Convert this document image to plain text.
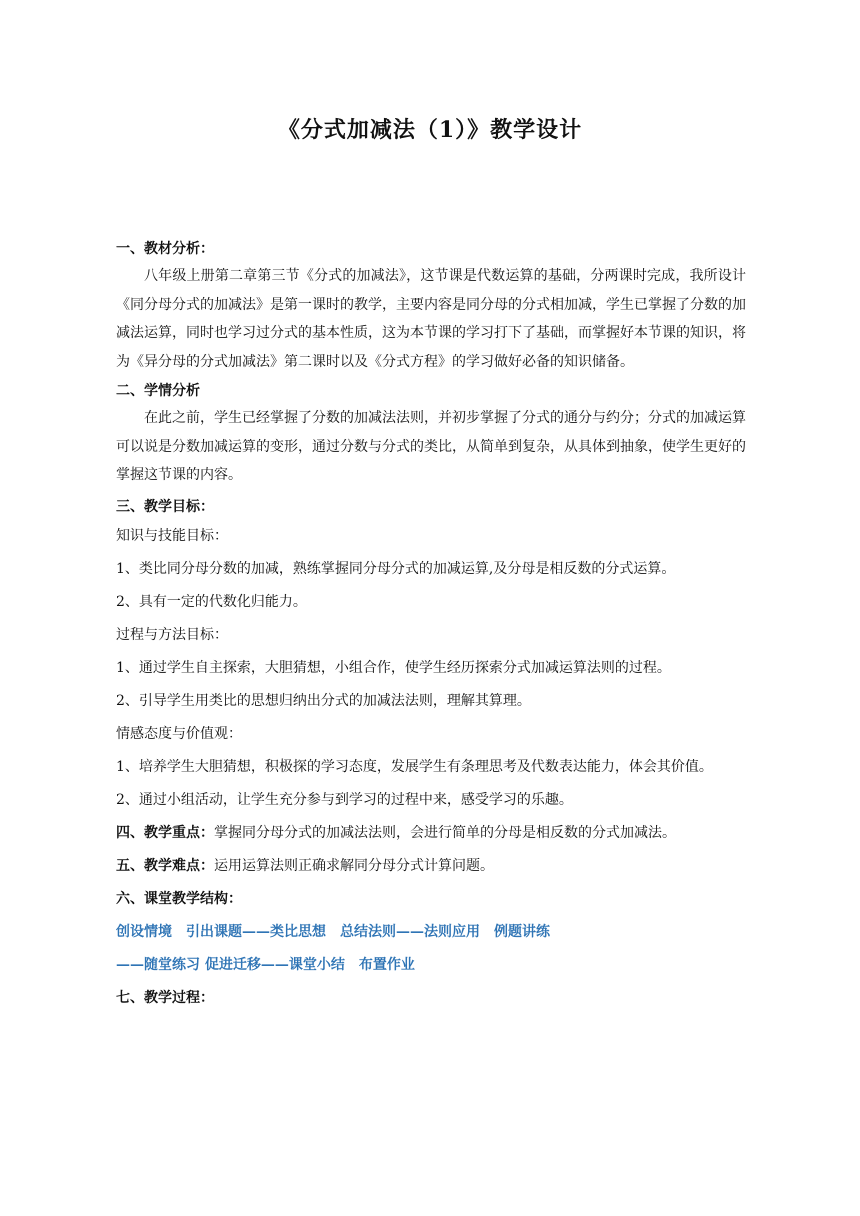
《分式加减法（1）》教学设计
一、教材分析：

八年级上册第二章第三节《分式的加减法》，这节课是代数运算的基础，分两课时完成，我所设计《同分母分式的加减法》是第一课时的教学，主要内容是同分母的分式相加减，学生已掌握了分数的加减法运算，同时也学习过分式的基本性质，这为本节课的学习打下了基础，而掌握好本节课的知识，将为《异分母的分式加减法》第二课时以及《分式方程》的学习做好必备的知识储备。

二、学情分析

在此之前，学生已经掌握了分数的加减法法则，并初步掌握了分式的通分与约分；分式的加减运算可以说是分数加减运算的变形，通过分数与分式的类比，从简单到复杂，从具体到抽象，使学生更好的掌握这节课的内容。

三、教学目标：

知识与技能目标：

1、类比同分母分数的加减，熟练掌握同分母分式的加减运算,及分母是相反数的分式运算。

2、具有一定的代数化归能力。

过程与方法目标：

1、通过学生自主探索，大胆猜想，小组合作，使学生经历探索分式加减运算法则的过程。

2、引导学生用类比的思想归纳出分式的加减法法则，理解其算理。

情感态度与价值观：

1、培养学生大胆猜想，积极探的学习态度，发展学生有条理思考及代数表达能力，体会其价值。

2、通过小组活动，让学生充分参与到学习的过程中来，感受学习的乐趣。

四、教学重点：掌握同分母分式的加减法法则，会进行简单的分母是相反数的分式加减法。

五、教学难点：运用运算法则正确求解同分母分式计算问题。

六、课堂教学结构：

创设情境　引出课题——类比思想　总结法则——法则应用　例题讲练

——随堂练习 促进迁移——课堂小结　布置作业

七、教学过程：
